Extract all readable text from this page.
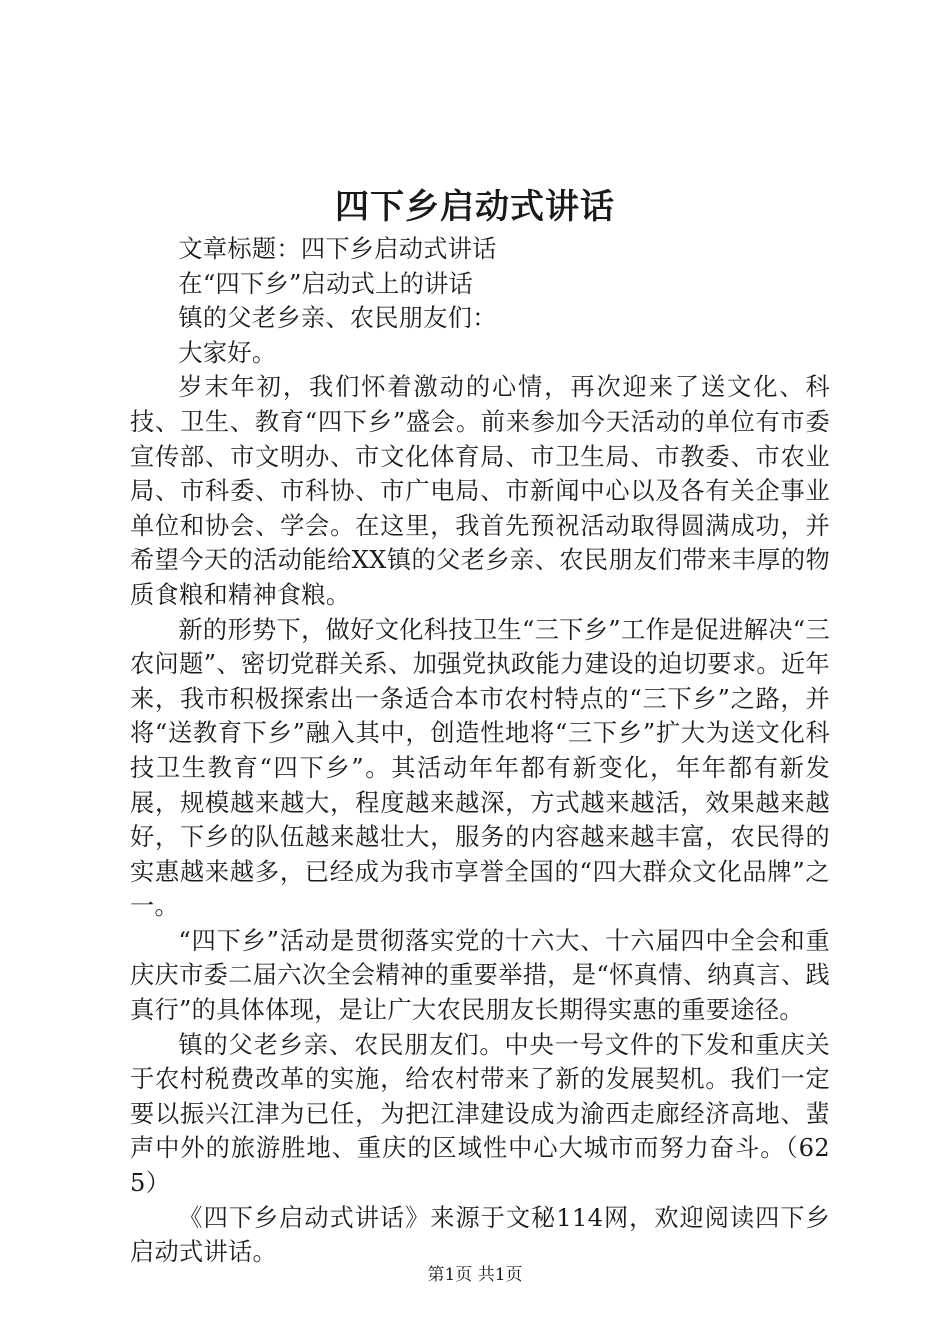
四下乡启动式讲话

文章标题：四下乡启动式讲话

在“四下乡”启动式上的讲话

镇的父老乡亲、农民朋友们：

大家好。

岁末年初，我们怀着激动的心情，再次迎来了送文化、科技、卫生、教育“四下乡”盛会。前来参加今天活动的单位有市委宣传部、市文明办、市文化体育局、市卫生局、市教委、市农业局、市科委、市科协、市广电局、市新闻中心以及各有关企事业单位和协会、学会。在这里，我首先预祝活动取得圆满成功，并希望今天的活动能给XX镇的父老乡亲、农民朋友们带来丰厚的物质食粮和精神食粮。

新的形势下，做好文化科技卫生“三下乡”工作是促进解决“三农问题”、密切党群关系、加强党执政能力建设的迫切要求。近年来，我市积极探索出一条适合本市农村特点的“三下乡”之路，并将“送教育下乡”融入其中，创造性地将“三下乡”扩大为送文化科技卫生教育“四下乡”。其活动年年都有新变化，年年都有新发展，规模越来越大，程度越来越深，方式越来越活，效果越来越好，下乡的队伍越来越壮大，服务的内容越来越丰富，农民得的实惠越来越多，已经成为我市享誉全国的“四大群众文化品牌”之一。

“四下乡”活动是贯彻落实党的十六大、十六届四中全会和重庆庆市委二届六次全会精神的重要举措，是“怀真情、纳真言、践真行”的具体体现，是让广大农民朋友长期得实惠的重要途径。

镇的父老乡亲、农民朋友们。中央一号文件的下发和重庆关于农村税费改革的实施，给农村带来了新的发展契机。我们一定要以振兴江津为已任，为把江津建设成为渝西走廊经济高地、蜚声中外的旅游胜地、重庆的区域性中心大城市而努力奋斗。（625）

《四下乡启动式讲话》来源于文秘114网，欢迎阅读四下乡启动式讲话。

第1页 共1页
